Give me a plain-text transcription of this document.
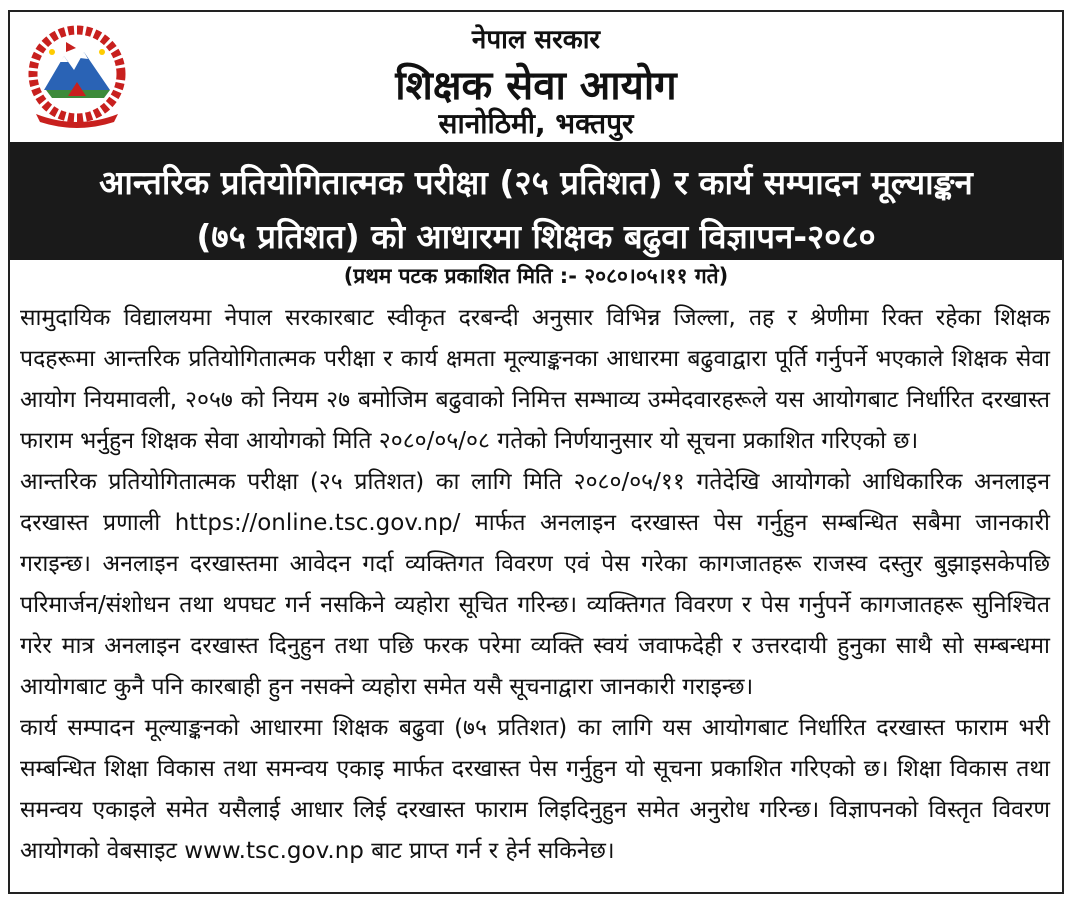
नेपाल सरकार
शिक्षक सेवा आयोग
सानोठिमी, भक्तपुर
आन्तरिक प्रतियोगितात्मक परीक्षा (२५ प्रतिशत) र कार्य सम्पादन मूल्याङ्कन
(७५ प्रतिशत) को आधारमा शिक्षक बढुवा विज्ञापन-२०८०
(प्रथम पटक प्रकाशित मिति :- २०८०।०५।११ गते)

सामुदायिक विद्यालयमा नेपाल सरकारबाट स्वीकृत दरबन्दी अनुसार विभिन्न जिल्ला, तह र श्रेणीमा रिक्त रहेका शिक्षक पदहरूमा आन्तरिक प्रतियोगितात्मक परीक्षा र कार्य क्षमता मूल्याङ्कनका आधारमा बढुवाद्वारा पूर्ति गर्नुपर्ने भएकाले शिक्षक सेवा आयोग नियमावली, २०५७ को नियम २७ बमोजिम बढुवाको निमित्त सम्भाव्य उम्मेदवारहरूले यस आयोगबाट निर्धारित दरखास्त फाराम भर्नुहुन शिक्षक सेवा आयोगको मिति २०८०/०५/०८ गतेको निर्णयानुसार यो सूचना प्रकाशित गरिएको छ।

आन्तरिक प्रतियोगितात्मक परीक्षा (२५ प्रतिशत) का लागि मिति २०८०/०५/११ गतेदेखि आयोगको आधिकारिक अनलाइन दरखास्त प्रणाली https://online.tsc.gov.np/ मार्फत अनलाइन दरखास्त पेस गर्नुहुन सम्बन्धित सबैमा जानकारी गराइन्छ। अनलाइन दरखास्तमा आवेदन गर्दा व्यक्तिगत विवरण एवं पेस गरेका कागजातहरू राजस्व दस्तुर बुझाइसकेपछि परिमार्जन/संशोधन तथा थपघट गर्न नसकिने व्यहोरा सूचित गरिन्छ। व्यक्तिगत विवरण र पेस गर्नुपर्ने कागजातहरू सुनिश्चित गरेर मात्र अनलाइन दरखास्त दिनुहुन तथा पछि फरक परेमा व्यक्ति स्वयं जवाफदेही र उत्तरदायी हुनुका साथै सो सम्बन्धमा आयोगबाट कुनै पनि कारबाही हुन नसक्ने व्यहोरा समेत यसै सूचनाद्वारा जानकारी गराइन्छ।

कार्य सम्पादन मूल्याङ्कनको आधारमा शिक्षक बढुवा (७५ प्रतिशत) का लागि यस आयोगबाट निर्धारित दरखास्त फाराम भरी सम्बन्धित शिक्षा विकास तथा समन्वय एकाइ मार्फत दरखास्त पेस गर्नुहुन यो सूचना प्रकाशित गरिएको छ। शिक्षा विकास तथा समन्वय एकाइले समेत यसैलाई आधार लिई दरखास्त फाराम लिइदिनुहुन समेत अनुरोध गरिन्छ। विज्ञापनको विस्तृत विवरण आयोगको वेबसाइट www.tsc.gov.np बाट प्राप्त गर्न र हेर्न सकिनेछ।
